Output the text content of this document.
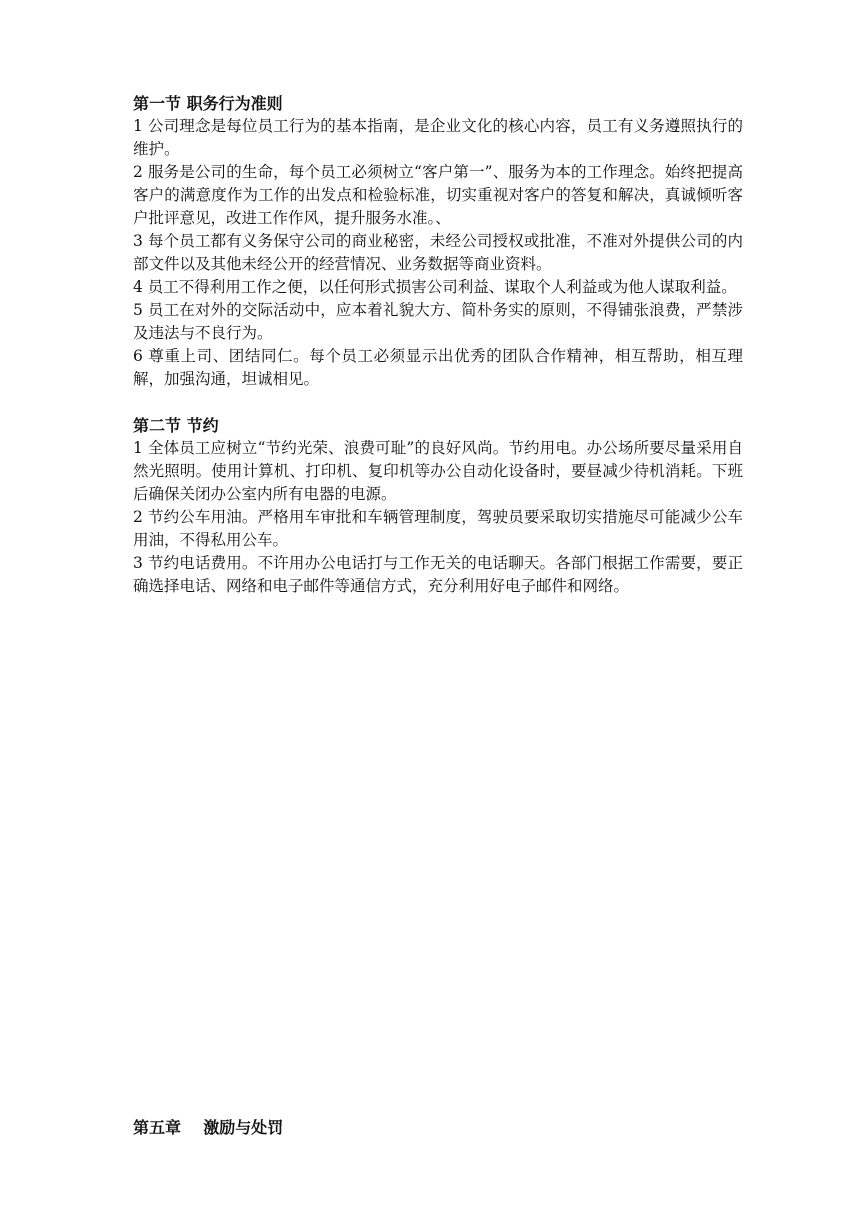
第一节 职务行为准则

1 公司理念是每位员工行为的基本指南，是企业文化的核心内容，员工有义务遵照执行的维护。

2 服务是公司的生命，每个员工必须树立“客户第一”、服务为本的工作理念。始终把提高客户的满意度作为工作的出发点和检验标准，切实重视对客户的答复和解决，真诚倾听客户批评意见，改进工作作风，提升服务水准。、

3 每个员工都有义务保守公司的商业秘密，未经公司授权或批准，不准对外提供公司的内部文件以及其他未经公开的经营情况、业务数据等商业资料。

4 员工不得利用工作之便，以任何形式损害公司利益、谋取个人利益或为他人谋取利益。

5 员工在对外的交际活动中，应本着礼貌大方、简朴务实的原则，不得铺张浪费，严禁涉及违法与不良行为。

6 尊重上司、团结同仁。每个员工必须显示出优秀的团队合作精神，相互帮助，相互理解，加强沟通，坦诚相见。

第二节 节约

1 全体员工应树立“节约光荣、浪费可耻”的良好风尚。节约用电。办公场所要尽量采用自然光照明。使用计算机、打印机、复印机等办公自动化设备时，要昼减少待机消耗。下班后确保关闭办公室内所有电器的电源。

2 节约公车用油。严格用车审批和车辆管理制度，驾驶员要采取切实措施尽可能减少公车用油，不得私用公车。

3 节约电话费用。不许用办公电话打与工作无关的电话聊天。各部门根据工作需要，要正确选择电话、网络和电子邮件等通信方式，充分利用好电子邮件和网络。

第五章    激励与处罚
